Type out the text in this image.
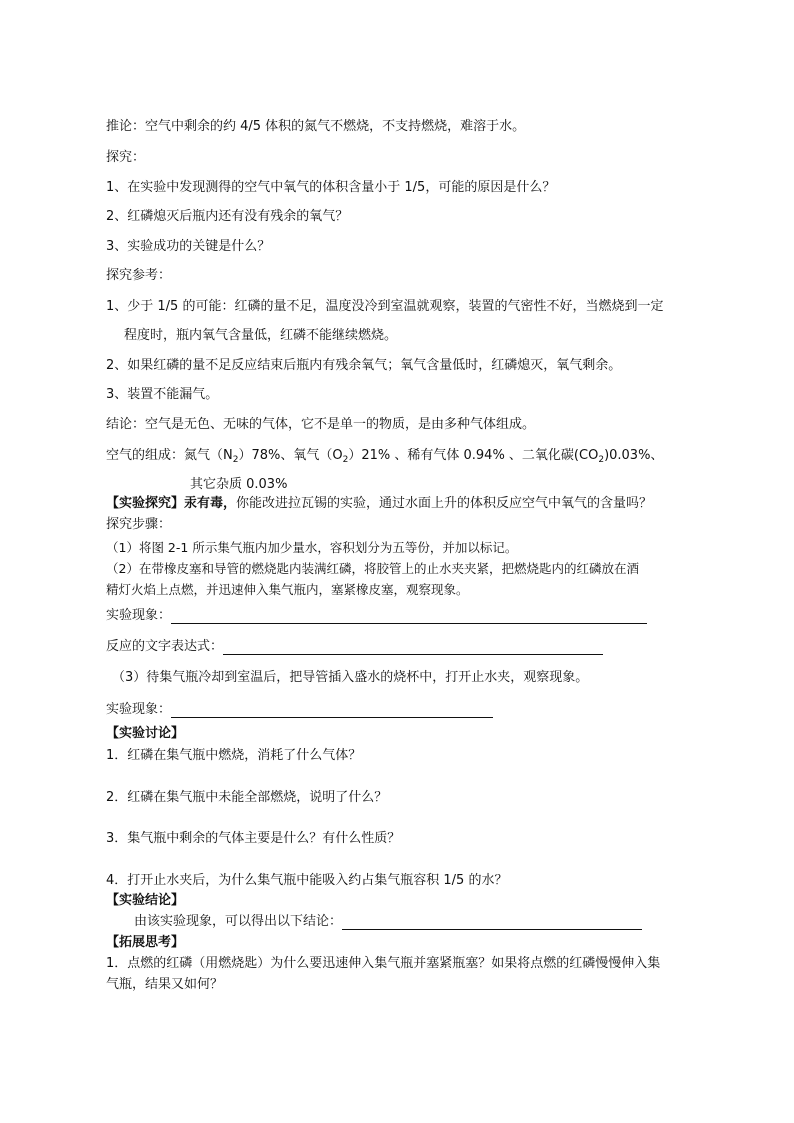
推论：空气中剩余的约 4/5 体积的氮气不燃烧，不支持燃烧，难溶于水。
探究：
1、在实验中发现测得的空气中氧气的体积含量小于 1/5，可能的原因是什么？
2、红磷熄灭后瓶内还有没有残余的氧气？
3、实验成功的关键是什么？
探究参考：
1、少于 1/5 的可能：红磷的量不足，温度没冷到室温就观察，装置的气密性不好，当燃烧到一定
程度时，瓶内氧气含量低，红磷不能继续燃烧。
2、如果红磷的量不足反应结束后瓶内有残余氧气；氧气含量低时，红磷熄灭，氧气剩余。
3、装置不能漏气。
结论：空气是无色、无味的气体，它不是单一的物质，是由多种气体组成。
空气的组成：氮气$(N_2)78\%$、氧气$(O_2)21\%$ 、稀有气体 0.94% 、二氧化碳$(CO_2)0.03\%$、
其它杂质 0.03%
【实验探究】汞有毒，你能改进拉瓦锡的实验，通过水面上升的体积反应空气中氧气的含量吗？
探究步骤：
（1）将图 2-1 所示集气瓶内加少量水，容积划分为五等份，并加以标记。
（2）在带橡皮塞和导管的燃烧匙内装满红磷，将胶管上的止水夹夹紧，把燃烧匙内的红磷放在酒
精灯火焰上点燃，并迅速伸入集气瓶内，塞紧橡皮塞，观察现象。
实验现象：
反应的文字表达式：
（3）待集气瓶冷却到室温后，把导管插入盛水的烧杯中，打开止水夹，观察现象。
实验现象：
【实验讨论】
1．红磷在集气瓶中燃烧，消耗了什么气体？
2．红磷在集气瓶中未能全部燃烧，说明了什么？
3．集气瓶中剩余的气体主要是什么？有什么性质？
4．打开止水夹后，为什么集气瓶中能吸入约占集气瓶容积 1/5 的水？
【实验结论】
由该实验现象，可以得出以下结论：
【拓展思考】
1．点燃的红磷（用燃烧匙）为什么要迅速伸入集气瓶并塞紧瓶塞？如果将点燃的红磷慢慢伸入集
气瓶，结果又如何？
